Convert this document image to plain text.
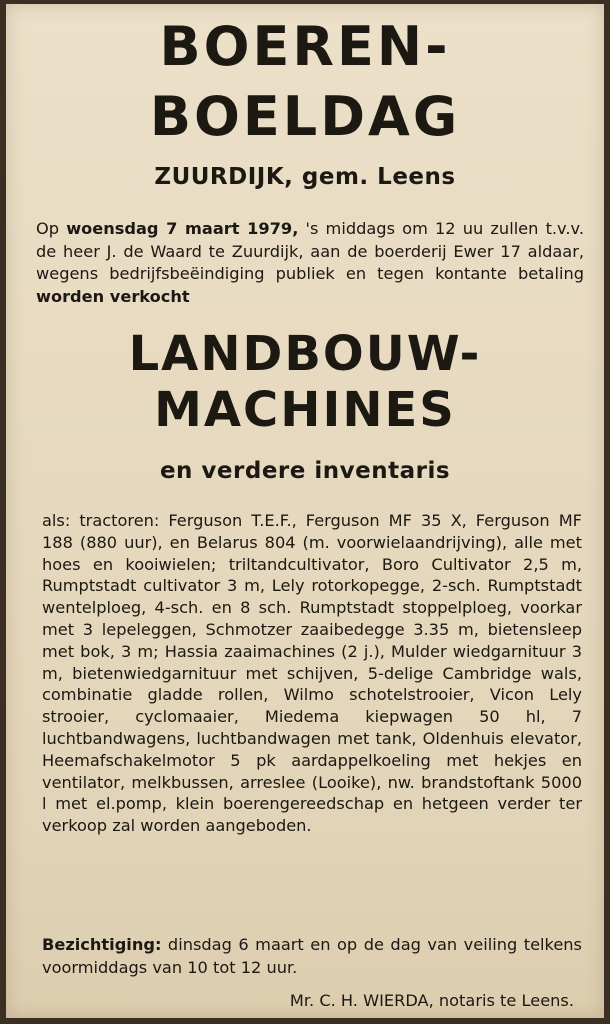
BOEREN-
BOELDAG
ZUURDIJK, gem. Leens

Op woensdag 7 maart 1979, 's middags om 12 uu zullen t.v.v. de heer J. de Waard te Zuurdijk, aan de boerderij Ewer 17 aldaar, wegens bedrijfsbeëindiging publiek en tegen kontante betaling worden verkocht

LANDBOUW-
MACHINES
en verdere inventaris

als: tractoren: Ferguson T.E.F., Ferguson MF 35 X, Ferguson MF 188 (880 uur), en Belarus 804 (m. voorwielaandrijving), alle met hoes en kooiwielen; triltandcultivator, Boro Cultivator 2,5 m, Rumptstadt cultivator 3 m, Lely rotorkopegge, 2-sch. Rumptstadt wentelploeg, 4-sch. en 8 sch. Rumptstadt stoppelploeg, voorkar met 3 lepeleggen, Schmotzer zaaibedegge 3.35 m, bietensleep met bok, 3 m; Hassia zaaimachines (2 j.), Mulder wiedgarnituur 3 m, bietenwiedgarnituur met schijven, 5-delige Cambridge wals, combinatie gladde rollen, Wilmo schotelstrooier, Vicon Lely strooier, cyclomaaier, Miedema kiepwagen 50 hl, 7 luchtbandwagens, luchtbandwagen met tank, Oldenhuis elevator, Heemafschakelmotor 5 pk aardappelkoeling met hekjes en ventilator, melkbussen, arreslee (Looike), nw. brandstoftank 5000 l met el.pomp, klein boerengereedschap en hetgeen verder ter verkoop zal worden aangeboden.

Bezichtiging: dinsdag 6 maart en op de dag van veiling telkens voormiddags van 10 tot 12 uur.

Mr. C. H. WIERDA, notaris te Leens.
